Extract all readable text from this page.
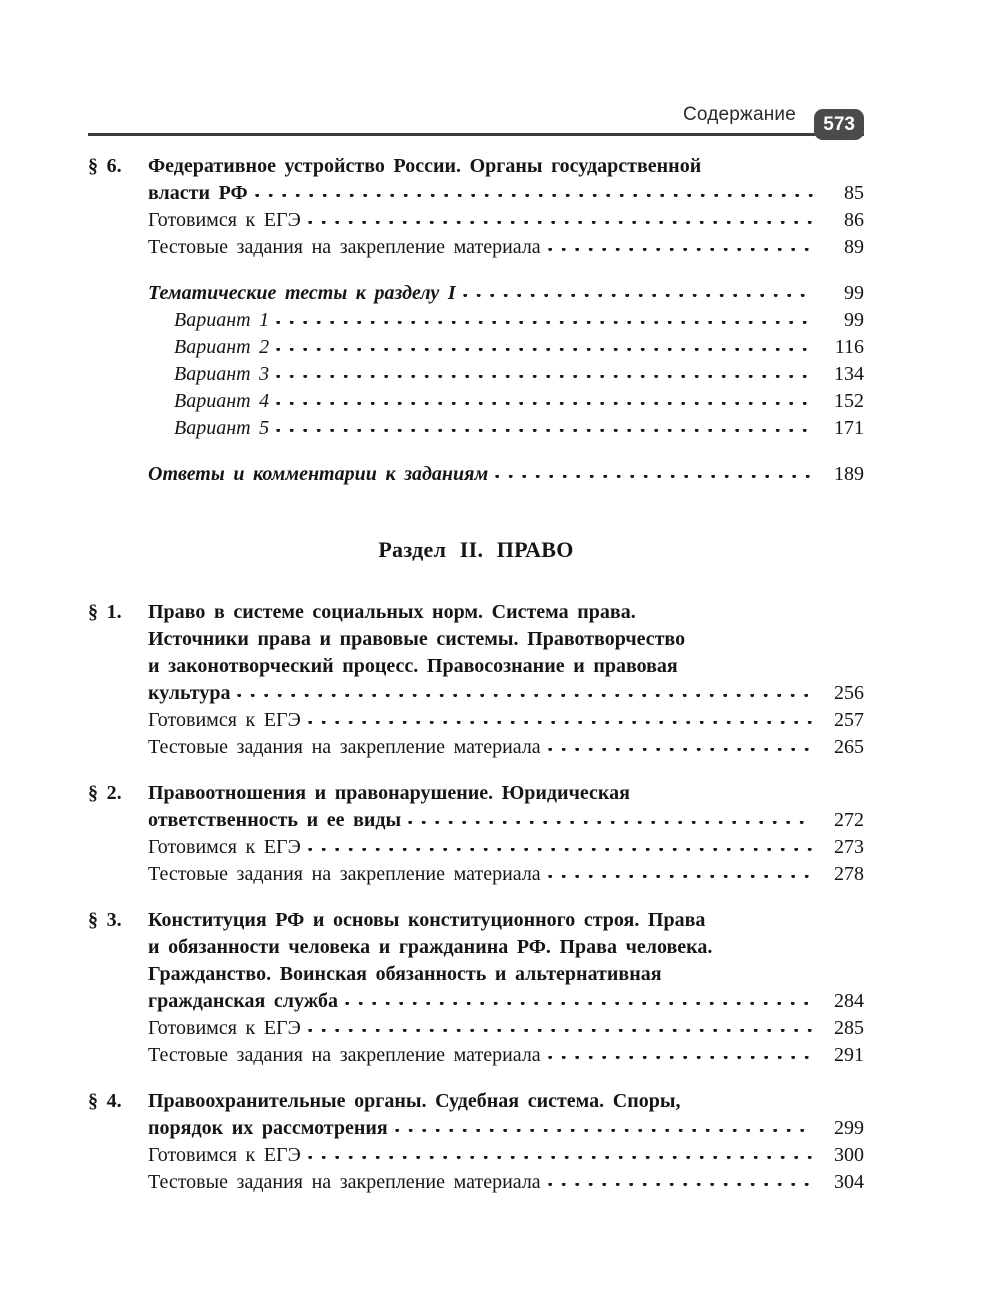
Содержание	573
§ 6.	Федеративное устройство России. Органы государственной
власти РФ	85
Готовимся к ЕГЭ	86
Тестовые задания на закрепление материала	89
Тематические тесты к разделу I	99
Вариант 1	99
Вариант 2	116
Вариант 3	134
Вариант 4	152
Вариант 5	171
Ответы и комментарии к заданиям	189
Раздел II. ПРАВО
§ 1.	Право в системе социальных норм. Система права.
Источники права и правовые системы. Правотворчество
и законотворческий процесс. Правосознание и правовая
культура	256
Готовимся к ЕГЭ	257
Тестовые задания на закрепление материала	265
§ 2.	Правоотношения и правонарушение. Юридическая
ответственность и ее виды	272
Готовимся к ЕГЭ	273
Тестовые задания на закрепление материала	278
§ 3.	Конституция РФ и основы конституционного строя. Права
и обязанности человека и гражданина РФ. Права человека.
Гражданство. Воинская обязанность и альтернативная
гражданская служба	284
Готовимся к ЕГЭ	285
Тестовые задания на закрепление материала	291
§ 4.	Правоохранительные органы. Судебная система. Споры,
порядок их рассмотрения	299
Готовимся к ЕГЭ	300
Тестовые задания на закрепление материала	304
